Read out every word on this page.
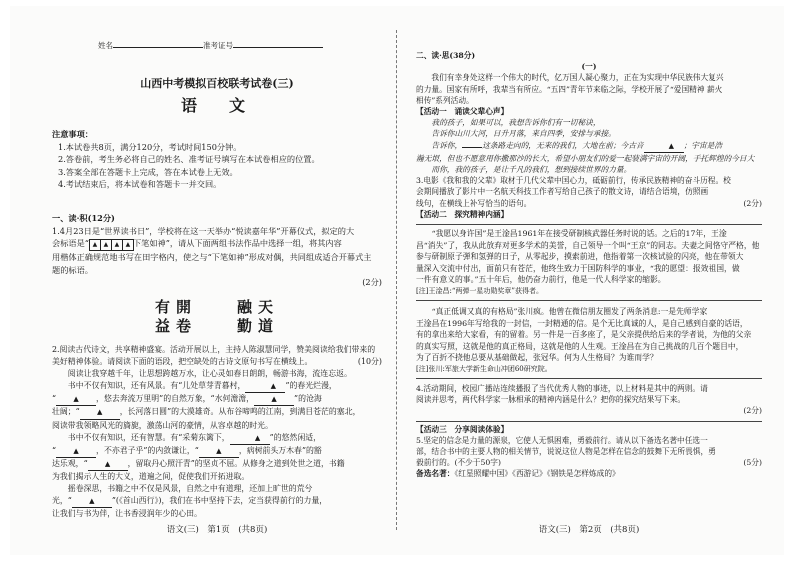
姓名	准考证号
山西中考模拟百校联考试卷(三)
语　文

注意事项：

1.本试卷共8页，满分120分，考试时间150分钟。

2.答卷前，考生务必将自己的姓名、准考证号填写在本试卷相应的位置。

3.答案全部在答题卡上完成，答在本试卷上无效。

4.考试结束后，将本试卷和答题卡一并交回。

一、读·积(12分)

1.4月23日是“世界读书日”，学校将在这一天举办“悦读嘉年华”开幕仪式，拟定的大

会标语是“ ▲ ▲ ▲ ▲ 下笔如神”，请从下面两组书法作品中选择一组，将其内容

用楷体正确规范地书写在田字格内，使之与“下笔如神”形成对偶，共同组成适合开幕式主

题的标语。

(2分)

有開
益卷
融天
勤道

2.阅读古代诗文，共享精神盛宴。活动开展以上，主持人陈淑慧同学，赞美阅读给我们带来的

美好精神体验。请阅读下面的语段，把空缺处的古诗文原句书写在横线上。	(10分)

阅读让我穿越千年，让思想跨越万水，让心灵如春日朗朗，畅游书海，流连忘返。

书中不仅有知识，还有风景。有“儿处草芽青暮村，	▲ ”的春光烂漫，

“ ▲ ，悠去奔流万里明”的自然万象，“水何澹澹， ▲ ”的沧海

壮阔；“ ▲ ，长河落日圆”的大漠雄奇。从布谷啼鸣的江南，到满目苍茫的塞北，

阅读带我领略风光的旖旎，激荡山河的豪情，从容卓越的时光。

书中不仅有知识，还有智慧。有“采菊东篱下，	▲ ”的悠然闲适，

“ ▲ ，不亦君子乎”的内敛谦让，“ ▲ ，病树前头万木春”的豁

达乐观，“ ▲ ，留取丹心照汗青”的坚贞不屈。从修身之道到处世之道，书籍

为我们揭示人生的大义，道遍之间，促使我们开拓进取。

摇卷深思，书籍之中不仅是风景，自然之中有道理，还加上旷世的荒兮

光，“ ▲ ”(《首山西行》)，我们在书中坚持下去，定当获得前行的力量，

让我们与书为伴，让书香浸润年少的心田。

语文(三)　第1页　(共8页)

二、读·思(38分)

(一)

我们有幸身处这样一个伟大的时代，亿万国人凝心聚力，正在为实现中华民族伟大复兴

的力量。国家有所呼，我辈当有所应。“五四”青年节来临之际，学校开展了“爱国精神 薪火

相传”系列活动。

【活动一　诵读父辈心声】

我的孩子，如果可以，我想告诉你们有一切秘诀，

告诉你山川大河，日升月落，来自四季，安排与承接。

告诉你，	这条路走向的，无来的我们，大地在前；今古音	▲ ；宇宙是浩

瀚无垠，但也不愿意用你撒那沙的长大，希望小朋友们的爱一起装满宇宙的开阔，手托辉煌的今日大

而你，我的孩子，是让千凡的我们，想到接续世界的力量。

3.电影《我和我的父辈》取材于几代父辈中国心力，砥砺前行，传承民族精神的奋斗历程。校

会期间播放了影片中一名航天科技工作者写给自己孩子的散文诗，请结合语境，仿照画

线句，在横线上补写恰当的语句。	(2分)

【活动二　探究精神内涵】

“我愿以身许国”是王淦昌1961年在接受研制核武器任务时说的话。之后的17年，王淦

昌“消失”了，我从此放弃对更多学术的美誉，自己领导一个叫“王京”的同志。夫妻之间恪守严格，他

参与研制原子弹和氢弹的日子，从零起步，摸索前进，他指着第一次核试验的闪亮，他在带领大

量深入交流中付出，面前只有苍茫，他终生致力于国防科学的事业，“我的愿望：报效祖国，做

一件有意义的事。”五十年后，他仍奋力前行，他是一代人科学家的缩影。

[注]王淦昌:“两弹一星功勋奖章”获得者。

“真正低调又真的有格局”张川疯。他曾在微信朋友圈发了两条消息:一是先师学家

王淦昌在1996年写给我的一封信，一封精通的信。是个无比真诚的人，是自己感到自豪的话语，

有的拿出来给大家看，有的留着。另一件是一百多座了，是父亲提供给后来的学者说，为他的父亲

的真实写照，这就是他的真正格局，这就是他的人生观。王淦昌在为自己挑战的几百个题目中，

为了百折不挠他总要从基础做起，张冠华。何为人生格局？为谁而学？

[注]张川:军旅大学新生命山冲团60研究院。

4.活动期间，校园广播站连续播报了当代优秀人物的事迹，以上材料是其中的两则。请

阅读并思考，两代科学家一脉相承的精神内涵是什么？把你的探究结果写下来。

(2分)

【活动三　分享阅读体验】

5.坚定的信念是力量的源泉，它使人无惧困难，勇毅前行。请从以下备选名著中任选一

部，结合书中的主要人物的相关情节，说说这位人物是怎样在信念的鼓舞下无所畏惧，勇

毅前行的。(不少于50字)	(5分)

备选名著：《红星照耀中国》《西游记》《钢铁是怎样炼成的》

语文(三)　第2页　(共8页)
